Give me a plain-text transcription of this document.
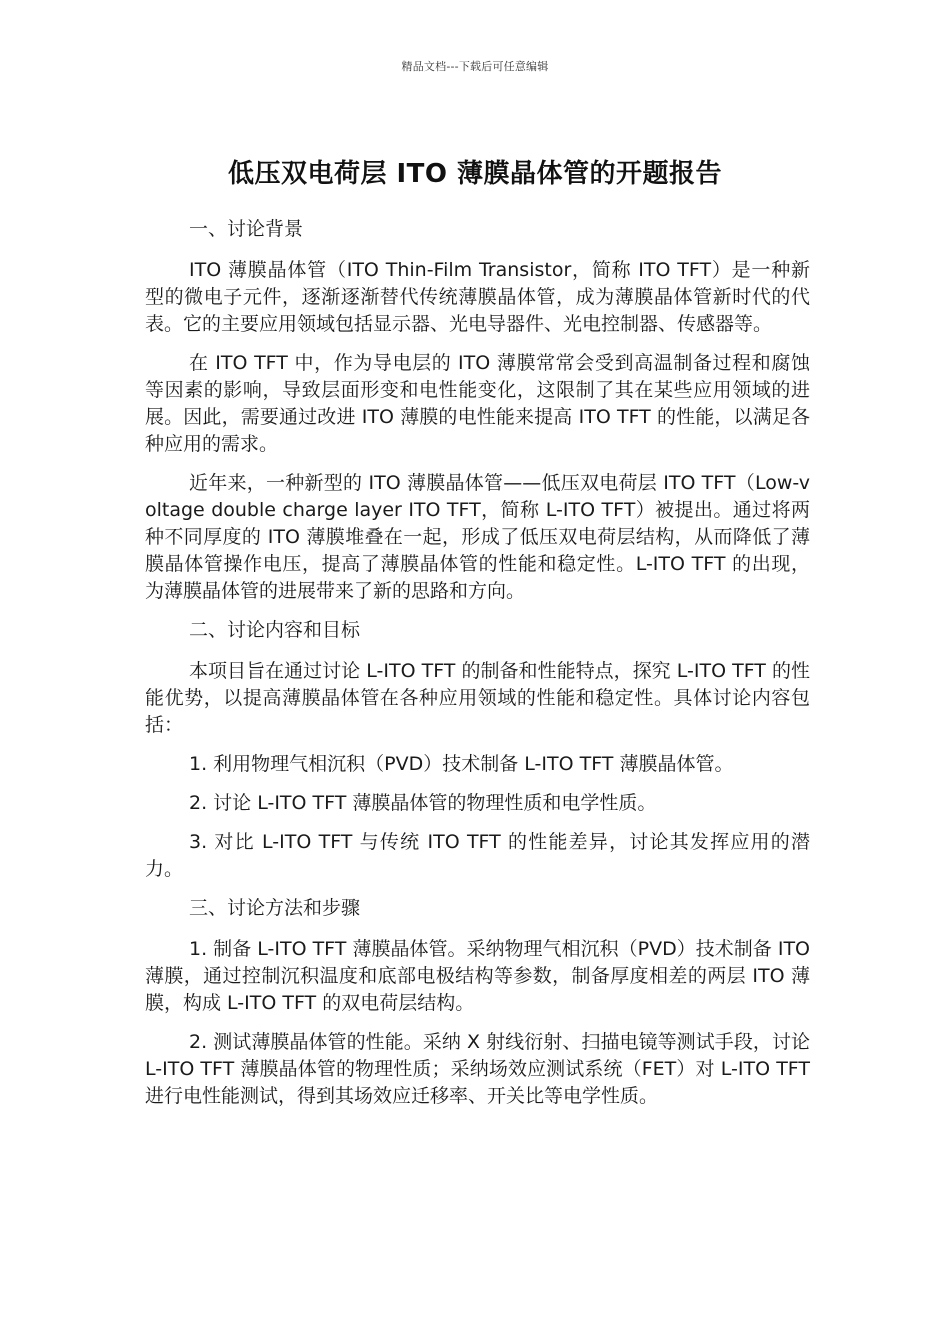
精品文档---下载后可任意编辑
低压双电荷层 ITO 薄膜晶体管的开题报告
一、讨论背景

ITO 薄膜晶体管（ITO Thin-Film Transistor，简称 ITO TFT）是一种新型的微电子元件，逐渐逐渐替代传统薄膜晶体管，成为薄膜晶体管新时代的代表。它的主要应用领域包括显示器、光电导器件、光电控制器、传感器等。

在 ITO TFT 中，作为导电层的 ITO 薄膜常常会受到高温制备过程和腐蚀等因素的影响，导致层面形变和电性能变化，这限制了其在某些应用领域的进展。因此，需要通过改进 ITO 薄膜的电性能来提高 ITO TFT 的性能，以满足各种应用的需求。

近年来，一种新型的 ITO 薄膜晶体管——低压双电荷层 ITO TFT（Low-voltage double charge layer ITO TFT，简称 L-ITO TFT）被提出。通过将两种不同厚度的 ITO 薄膜堆叠在一起，形成了低压双电荷层结构，从而降低了薄膜晶体管操作电压，提高了薄膜晶体管的性能和稳定性。L-ITO TFT 的出现，为薄膜晶体管的进展带来了新的思路和方向。

二、讨论内容和目标

本项目旨在通过讨论 L-ITO TFT 的制备和性能特点，探究 L-ITO TFT 的性能优势，以提高薄膜晶体管在各种应用领域的性能和稳定性。具体讨论内容包括：

1. 利用物理气相沉积（PVD）技术制备 L-ITO TFT 薄膜晶体管。

2. 讨论 L-ITO TFT 薄膜晶体管的物理性质和电学性质。

3. 对比 L-ITO TFT 与传统 ITO TFT 的性能差异，讨论其发挥应用的潜力。

三、讨论方法和步骤

1. 制备 L-ITO TFT 薄膜晶体管。采纳物理气相沉积（PVD）技术制备 ITO 薄膜，通过控制沉积温度和底部电极结构等参数，制备厚度相差的两层 ITO 薄膜，构成 L-ITO TFT 的双电荷层结构。

2. 测试薄膜晶体管的性能。采纳 X 射线衍射、扫描电镜等测试手段，讨论 L-ITO TFT 薄膜晶体管的物理性质；采纳场效应测试系统（FET）对 L-ITO TFT 进行电性能测试，得到其场效应迁移率、开关比等电学性质。
